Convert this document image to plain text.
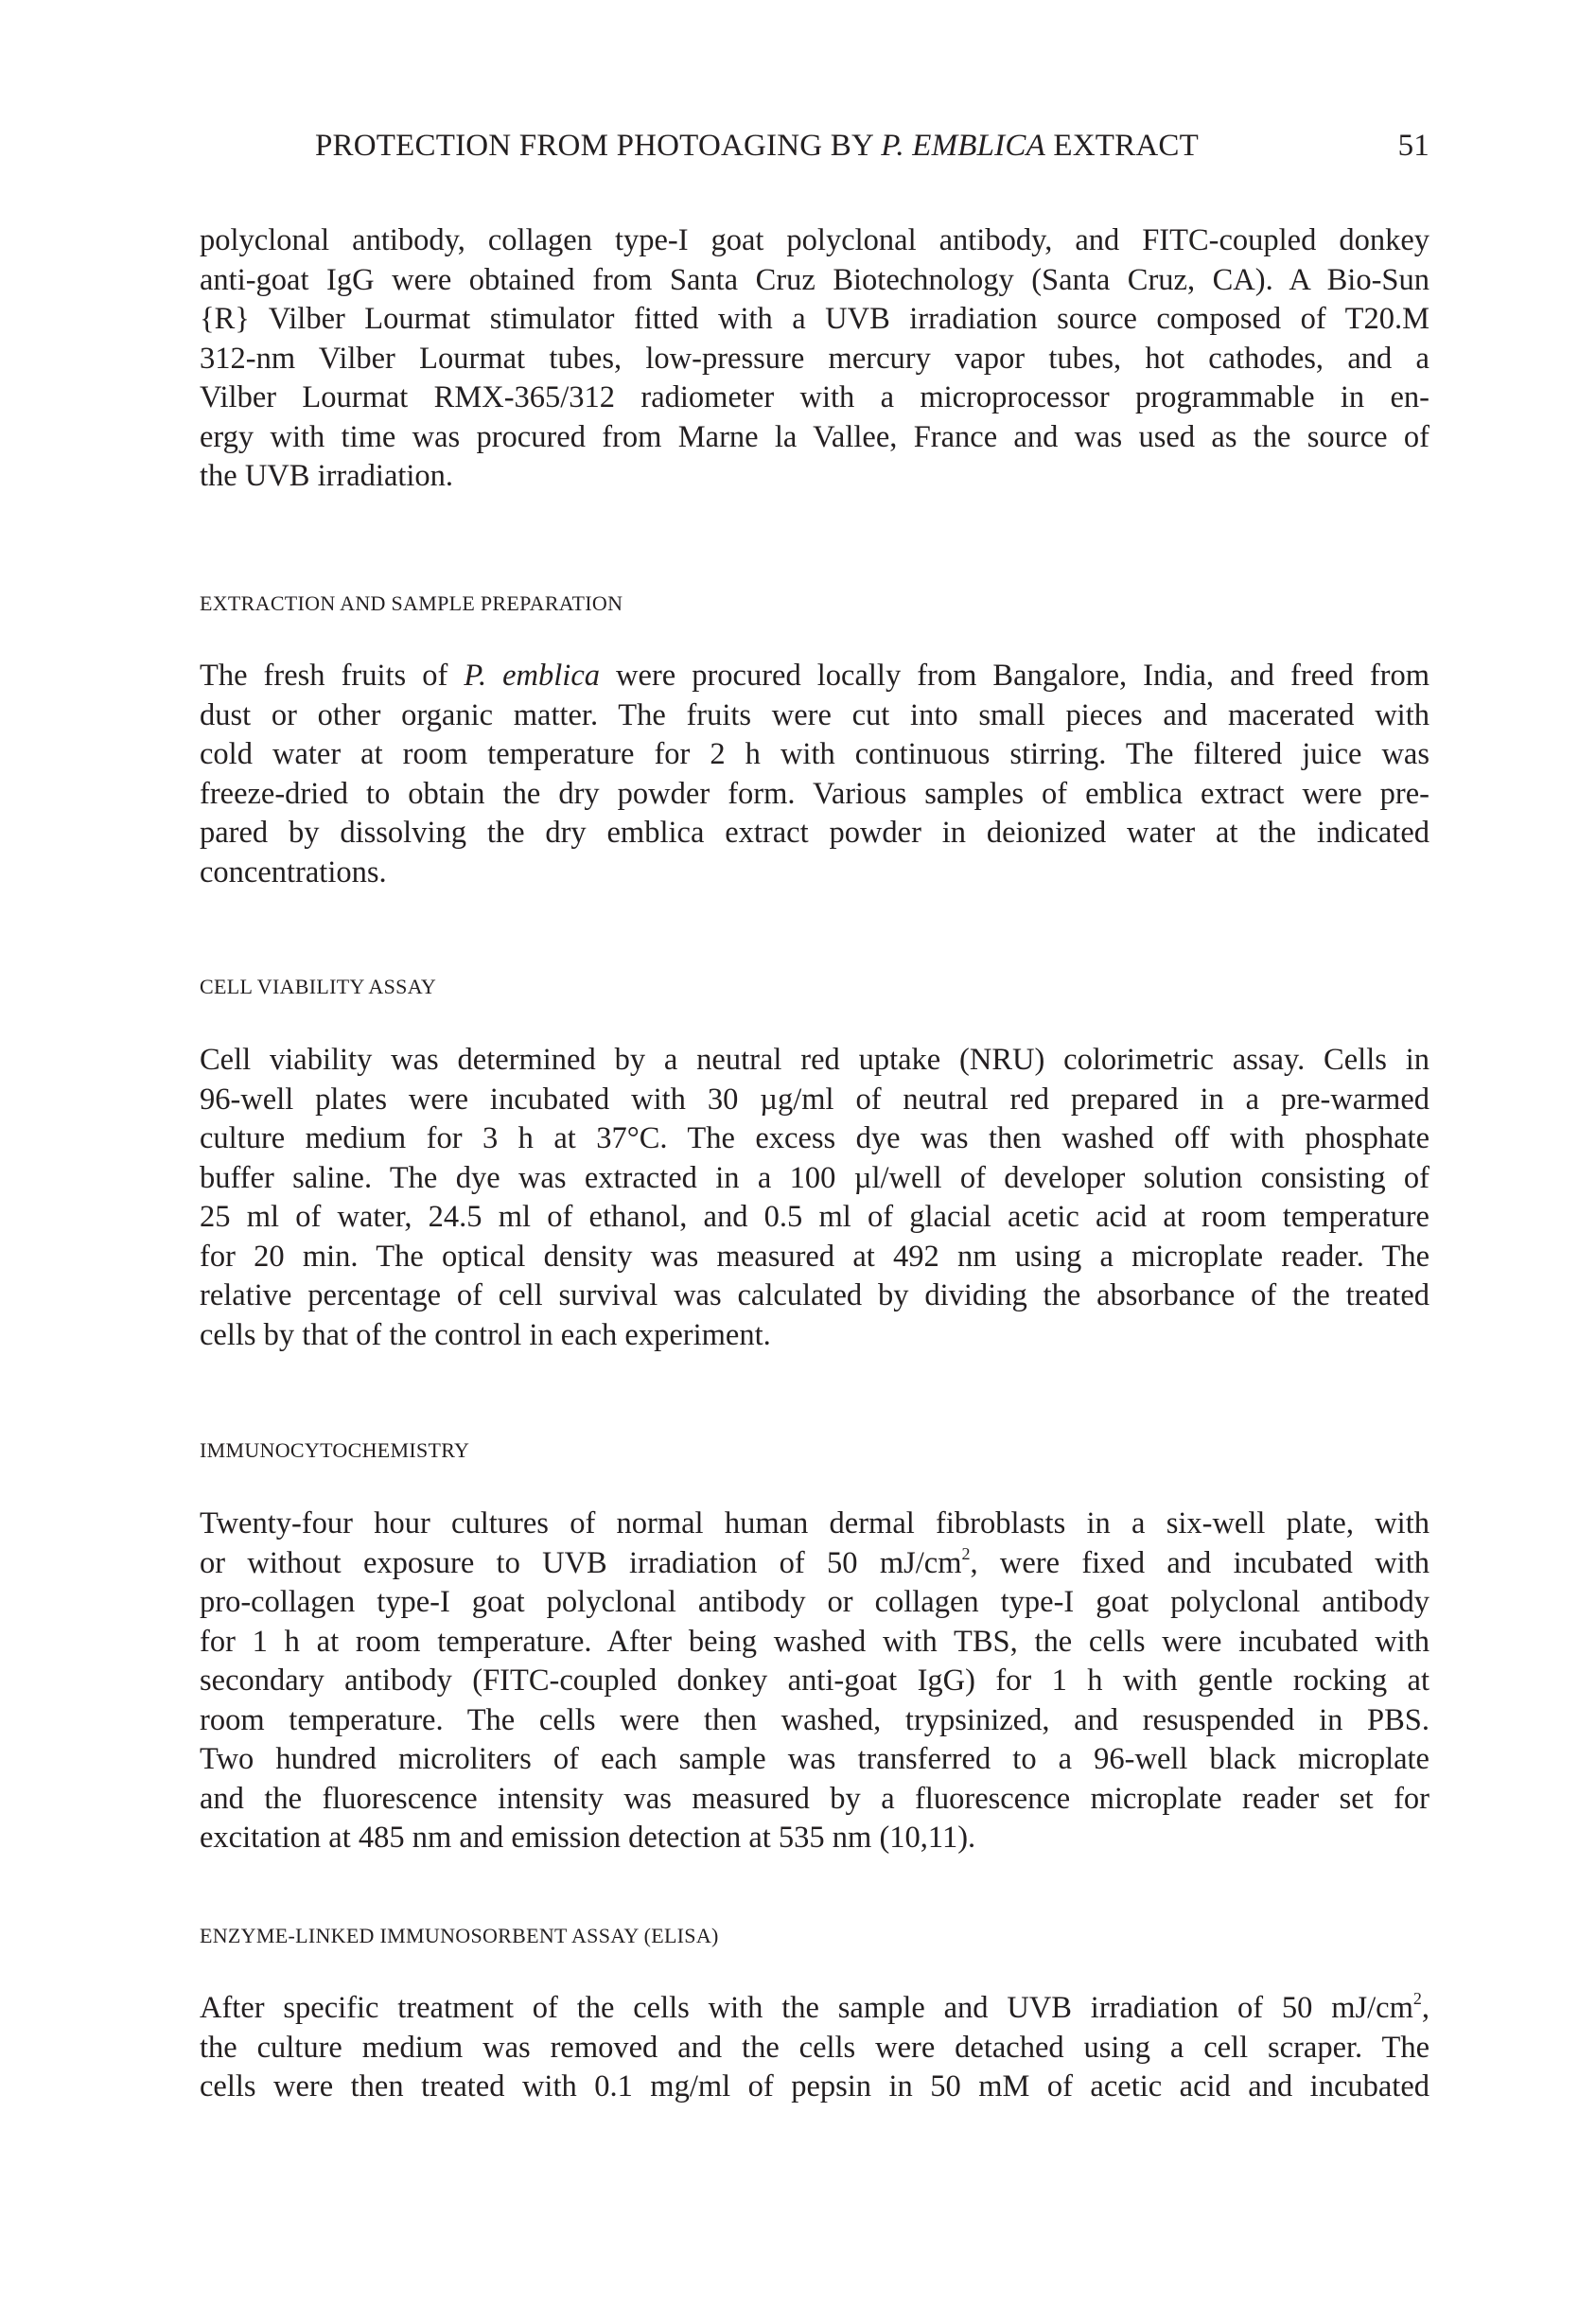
PROTECTION FROM PHOTOAGING BY P. EMBLICA EXTRACT	51
polyclonal antibody, collagen type-I goat polyclonal antibody, and FITC-coupled donkey
anti-goat IgG were obtained from Santa Cruz Biotechnology (Santa Cruz, CA). A Bio-Sun
{R} Vilber Lourmat stimulator fitted with a UVB irradiation source composed of T20.M
312-nm Vilber Lourmat tubes, low-pressure mercury vapor tubes, hot cathodes, and a
Vilber Lourmat RMX-365/312 radiometer with a microprocessor programmable in en-
ergy with time was procured from Marne la Vallee, France and was used as the source of
the UVB irradiation.
EXTRACTION AND SAMPLE PREPARATION
The fresh fruits of P. emblica were procured locally from Bangalore, India, and freed from
dust or other organic matter. The fruits were cut into small pieces and macerated with
cold water at room temperature for 2 h with continuous stirring. The filtered juice was
freeze-dried to obtain the dry powder form. Various samples of emblica extract were pre-
pared by dissolving the dry emblica extract powder in deionized water at the indicated
concentrations.
CELL VIABILITY ASSAY
Cell viability was determined by a neutral red uptake (NRU) colorimetric assay. Cells in
96-well plates were incubated with 30 µg/ml of neutral red prepared in a pre-warmed
culture medium for 3 h at 37°C. The excess dye was then washed off with phosphate
buffer saline. The dye was extracted in a 100 µl/well of developer solution consisting of
25 ml of water, 24.5 ml of ethanol, and 0.5 ml of glacial acetic acid at room temperature
for 20 min. The optical density was measured at 492 nm using a microplate reader. The
relative percentage of cell survival was calculated by dividing the absorbance of the treated
cells by that of the control in each experiment.
IMMUNOCYTOCHEMISTRY
Twenty-four hour cultures of normal human dermal fibroblasts in a six-well plate, with
or without exposure to UVB irradiation of 50 $mJ/cm^2$, were fixed and incubated with
pro-collagen type-I goat polyclonal antibody or collagen type-I goat polyclonal antibody
for 1 h at room temperature. After being washed with TBS, the cells were incubated with
secondary antibody (FITC-coupled donkey anti-goat IgG) for 1 h with gentle rocking at
room temperature. The cells were then washed, trypsinized, and resuspended in PBS.
Two hundred microliters of each sample was transferred to a 96-well black microplate
and the fluorescence intensity was measured by a fluorescence microplate reader set for
excitation at 485 nm and emission detection at 535 nm (10,11).
ENZYME-LINKED IMMUNOSORBENT ASSAY (ELISA)
After specific treatment of the cells with the sample and UVB irradiation of 50 $mJ/cm^2$,
the culture medium was removed and the cells were detached using a cell scraper. The
cells were then treated with 0.1 mg/ml of pepsin in 50 mM of acetic acid and incubated
